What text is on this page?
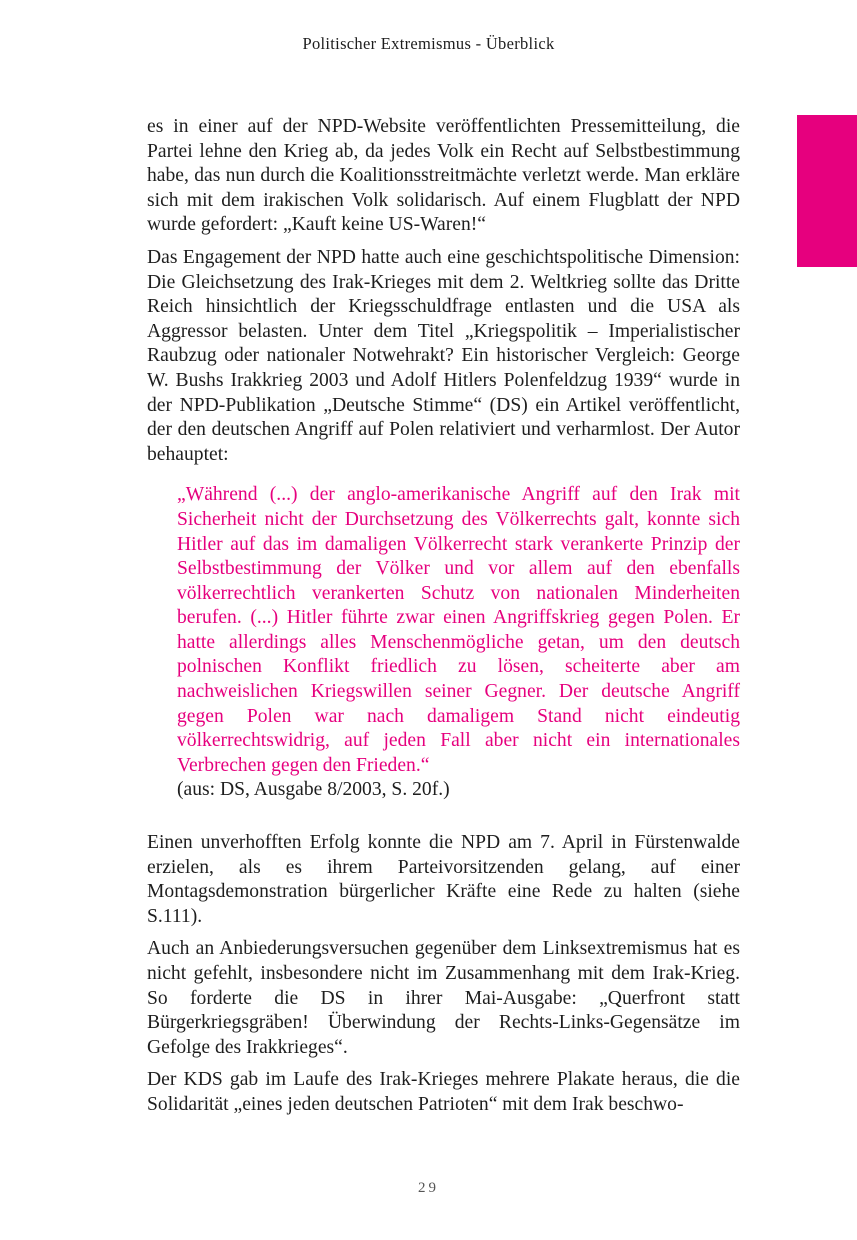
Politischer Extremismus - Überblick

es in einer auf der NPD-Website veröffentlichten Pressemitteilung, die Partei lehne den Krieg ab, da jedes Volk ein Recht auf Selbstbestimmung habe, das nun durch die Koalitionsstreitmächte verletzt werde. Man erkläre sich mit dem irakischen Volk solidarisch. Auf einem Flugblatt der NPD wurde gefordert: „Kauft keine US-Waren!“

Das Engagement der NPD hatte auch eine geschichtspolitische Dimension: Die Gleichsetzung des Irak-Krieges mit dem 2. Weltkrieg sollte das Dritte Reich hinsichtlich der Kriegsschuldfrage entlasten und die USA als Aggressor belasten. Unter dem Titel „Kriegspolitik – Imperialistischer Raubzug oder nationaler Notwehrakt? Ein historischer Vergleich: George W. Bushs Irakkrieg 2003 und Adolf Hitlers Polenfeldzug 1939“ wurde in der NPD-Publikation „Deutsche Stimme“ (DS) ein Artikel veröffentlicht, der den deutschen Angriff auf Polen relativiert und verharmlost. Der Autor behauptet:

„Während (...) der anglo-amerikanische Angriff auf den Irak mit Sicherheit nicht der Durchsetzung des Völkerrechts galt, konnte sich Hitler auf das im damaligen Völkerrecht stark verankerte Prinzip der Selbstbestimmung der Völker und vor allem auf den ebenfalls völkerrechtlich verankerten Schutz von nationalen Minderheiten berufen. (...) Hitler führte zwar einen Angriffskrieg gegen Polen. Er hatte allerdings alles Menschenmögliche getan, um den deutsch polnischen Konflikt friedlich zu lösen, scheiterte aber am nachweislichen Kriegswillen seiner Gegner. Der deutsche Angriff gegen Polen war nach damaligem Stand nicht eindeutig völkerrechtswidrig, auf jeden Fall aber nicht ein internationales Verbrechen gegen den Frieden.“

(aus: DS, Ausgabe 8/2003, S. 20f.)

Einen unverhofften Erfolg konnte die NPD am 7. April in Fürstenwalde erzielen, als es ihrem Parteivorsitzenden gelang, auf einer Montagsdemonstration bürgerlicher Kräfte eine Rede zu halten (siehe S.111).

Auch an Anbiederungsversuchen gegenüber dem Linksextremismus hat es nicht gefehlt, insbesondere nicht im Zusammenhang mit dem Irak-Krieg. So forderte die DS in ihrer Mai-Ausgabe: „Querfront statt Bürgerkriegsgräben! Überwindung der Rechts-Links-Gegensätze im Gefolge des Irakkrieges“.

Der KDS gab im Laufe des Irak-Krieges mehrere Plakate heraus, die die Solidarität „eines jeden deutschen Patrioten“ mit dem Irak beschwo-

29
